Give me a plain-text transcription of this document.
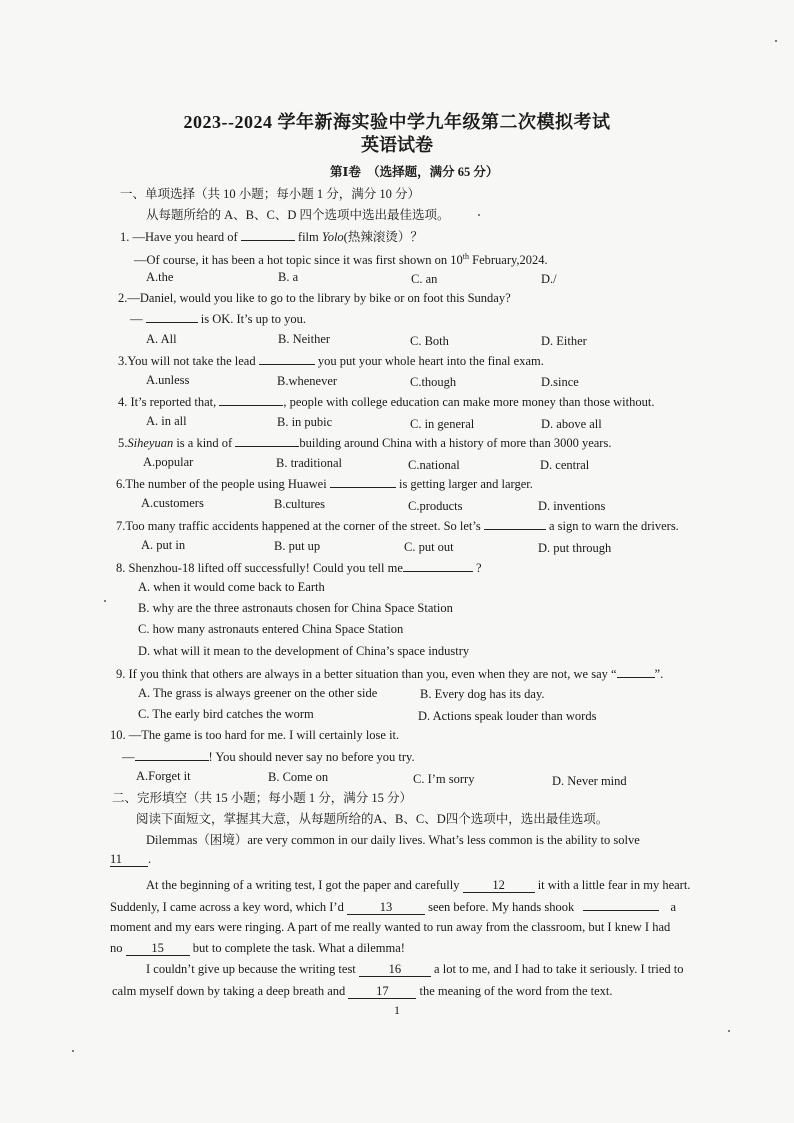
2023--2024 学年新海实验中学九年级第二次模拟考试
英语试卷
第Ⅰ卷　（选择题，满分 65 分）
一、单项选择（共 10 小题；每小题 1 分，满分 10 分）
从每题所给的 A、B、C、D 四个选项中选出最佳选项。
1. —Have you heard of	film Yolo(热辣滚烫）？
—Of course, it has been a hot topic since it was first shown on 10th February,2024.
A.the	B. a	C. an	D./
2.—Daniel, would you like to go to the library by bike or on foot this Sunday?
—	is OK. It’s up to you.
A. All	B. Neither	C. Both	D. Either
3.You will not take the lead	you put your whole heart into the final exam.
A.unless	B.whenever	C.though	D.since
4. It’s reported that,	, people with college education can make more money than those without.
A. in all	B. in pubic	C. in general	D. above all
5.Siheyuan is a kind of	building around China with a history of more than 3000 years.
A.popular	B. traditional	C.national	D. central
6.The number of the people using Huawei	is getting larger and larger.
A.customers	B.cultures	C.products	D. inventions
7.Too many traffic accidents happened at the corner of the street. So let’s	a sign to warn the drivers.
A. put in	B. put up	C. put out	D. put through
8. Shenzhou-18 lifted off successfully! Could you tell me	?
A. when it would come back to Earth
B. why are the three astronauts chosen for China Space Station
C. how many astronauts entered China Space Station
D. what will it mean to the development of China’s space industry
9. If you think that others are always in a better situation than you, even when they are not, we say “	”.
A. The grass is always greener on the other side	B. Every dog has its day.
C. The early bird catches the worm	D. Actions speak louder than words
10. —The game is too hard for me. I will certainly lose it.
—	! You should never say no before you try.
A.Forget it	B. Come on	C. I’m sorry	D. Never mind
二、完形填空（共 15 小题；每小题 1 分，满分 15 分）
阅读下面短文，掌握其大意，从每题所给的A、B、C、D四个选项中，选出最佳选项。
Dilemmas（困境）are very common in our daily lives. What’s less common is the ability to solve
11 .
At the beginning of a writing test, I got the paper and carefully	12	it with a little fear in my heart.
Suddenly, I came across a key word, which I’d	13	seen before. My hands shook	a
moment and my ears were ringing. A part of me really wanted to run away from the classroom, but I knew I had
no 15 but to complete the task. What a dilemma!
I couldn’t give up because the writing test	16	a lot to me, and I had to take it seriously. I tried to
calm myself down by taking a deep breath and 17 the meaning of the word from the text.
1
